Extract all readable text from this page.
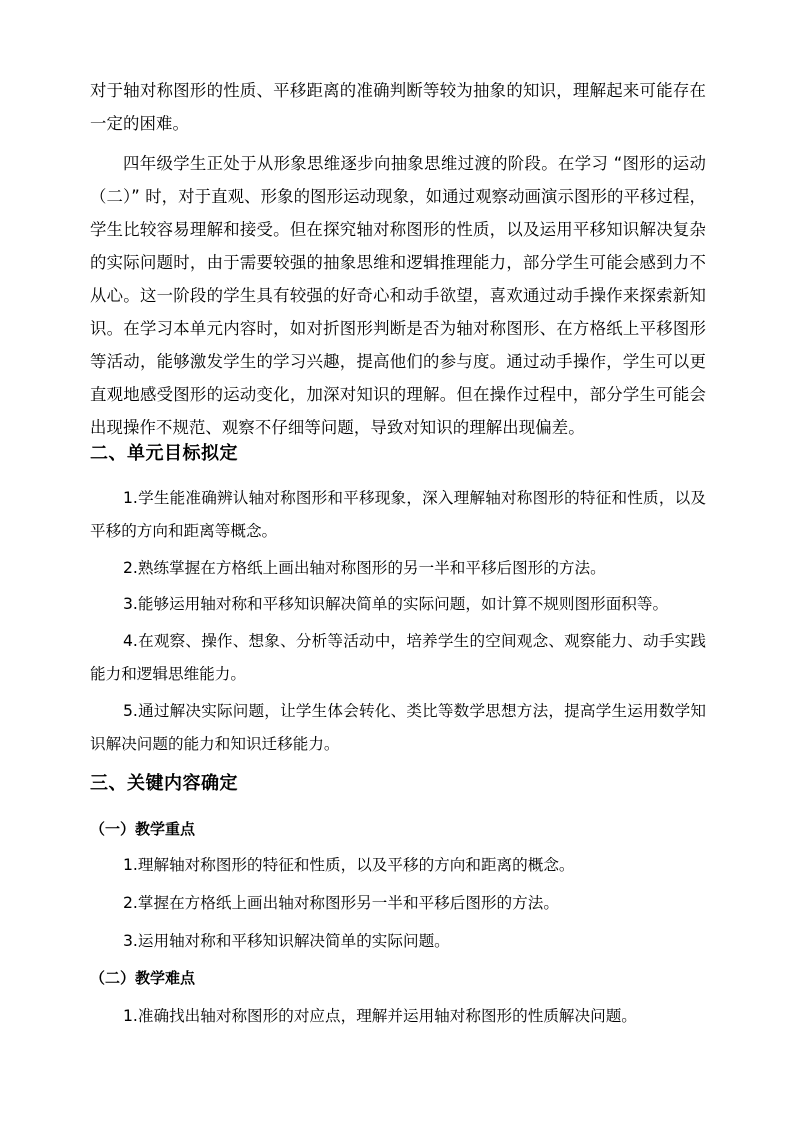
对于轴对称图形的性质、平移距离的准确判断等较为抽象的知识，理解起来可能存在一定的困难。

四年级学生正处于从形象思维逐步向抽象思维过渡的阶段。在学习 “图形的运动（二）” 时，对于直观、形象的图形运动现象，如通过观察动画演示图形的平移过程，学生比较容易理解和接受。但在探究轴对称图形的性质，以及运用平移知识解决复杂的实际问题时，由于需要较强的抽象思维和逻辑推理能力，部分学生可能会感到力不从心。这一阶段的学生具有较强的好奇心和动手欲望，喜欢通过动手操作来探索新知识。在学习本单元内容时，如对折图形判断是否为轴对称图形、在方格纸上平移图形等活动，能够激发学生的学习兴趣，提高他们的参与度。通过动手操作，学生可以更直观地感受图形的运动变化，加深对知识的理解。但在操作过程中，部分学生可能会出现操作不规范、观察不仔细等问题，导致对知识的理解出现偏差。

二、单元目标拟定

1.学生能准确辨认轴对称图形和平移现象，深入理解轴对称图形的特征和性质，以及平移的方向和距离等概念。

2.熟练掌握在方格纸上画出轴对称图形的另一半和平移后图形的方法。

3.能够运用轴对称和平移知识解决简单的实际问题，如计算不规则图形面积等。

4.在观察、操作、想象、分析等活动中，培养学生的空间观念、观察能力、动手实践能力和逻辑思维能力。

5.通过解决实际问题，让学生体会转化、类比等数学思想方法，提高学生运用数学知识解决问题的能力和知识迁移能力。

三、关键内容确定
（一）教学重点

1.理解轴对称图形的特征和性质，以及平移的方向和距离的概念。

2.掌握在方格纸上画出轴对称图形另一半和平移后图形的方法。

3.运用轴对称和平移知识解决简单的实际问题。

（二）教学难点

1.准确找出轴对称图形的对应点，理解并运用轴对称图形的性质解决问题。
